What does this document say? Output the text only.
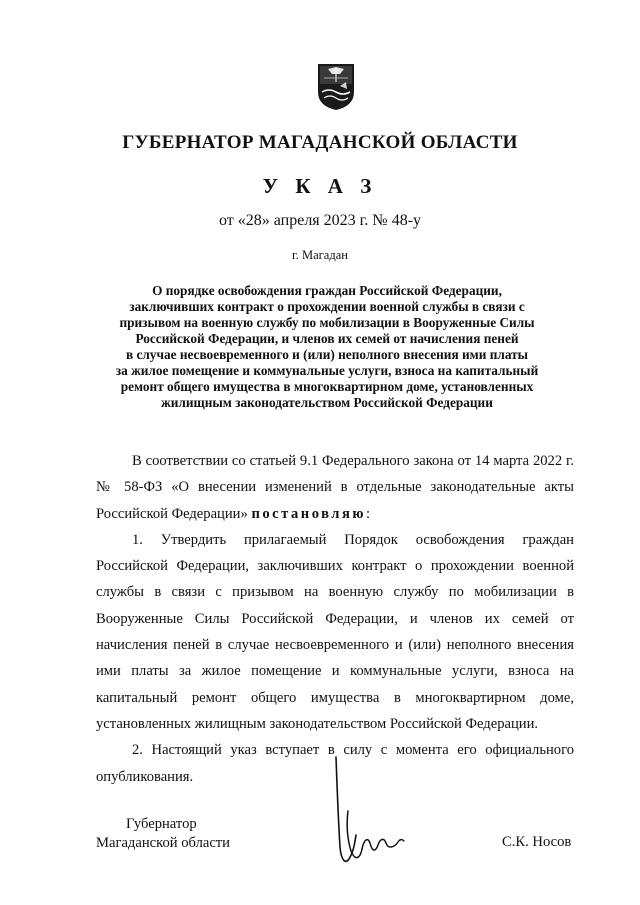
ГУБЕРНАТОР МАГАДАНСКОЙ ОБЛАСТИ
У К А З
от «28» апреля 2023 г. № 48-у
г. Магадан
О порядке освобождения граждан Российской Федерации,
заключивших контракт о прохождении военной службы в связи с
призывом на военную службу по мобилизации в Вооруженные Силы
Российской Федерации, и членов их семей от начисления пеней
в случае несвоевременного и (или) неполного внесения ими платы
за жилое помещение и коммунальные услуги, взноса на капитальный
ремонт общего имущества в многоквартирном доме, установленных
жилищным законодательством Российской Федерации

В соответствии со статьей 9.1 Федерального закона от 14 марта 2022 г. № 58-ФЗ «О внесении изменений в отдельные законодательные акты Российской Федерации» постановляю:

1. Утвердить прилагаемый Порядок освобождения граждан Российской Федерации, заключивших контракт о прохождении военной службы в связи с призывом на военную службу по мобилизации в Вооруженные Силы Российской Федерации, и членов их семей от начисления пеней в случае несвоевременного и (или) неполного внесения ими платы за жилое помещение и коммунальные услуги, взноса на капитальный ремонт общего имущества в многоквартирном доме, установленных жилищным законодательством Российской Федерации.

2. Настоящий указ вступает в силу с момента его официального опубликования.

Губернатор
Магаданской области	С.К. Носов
